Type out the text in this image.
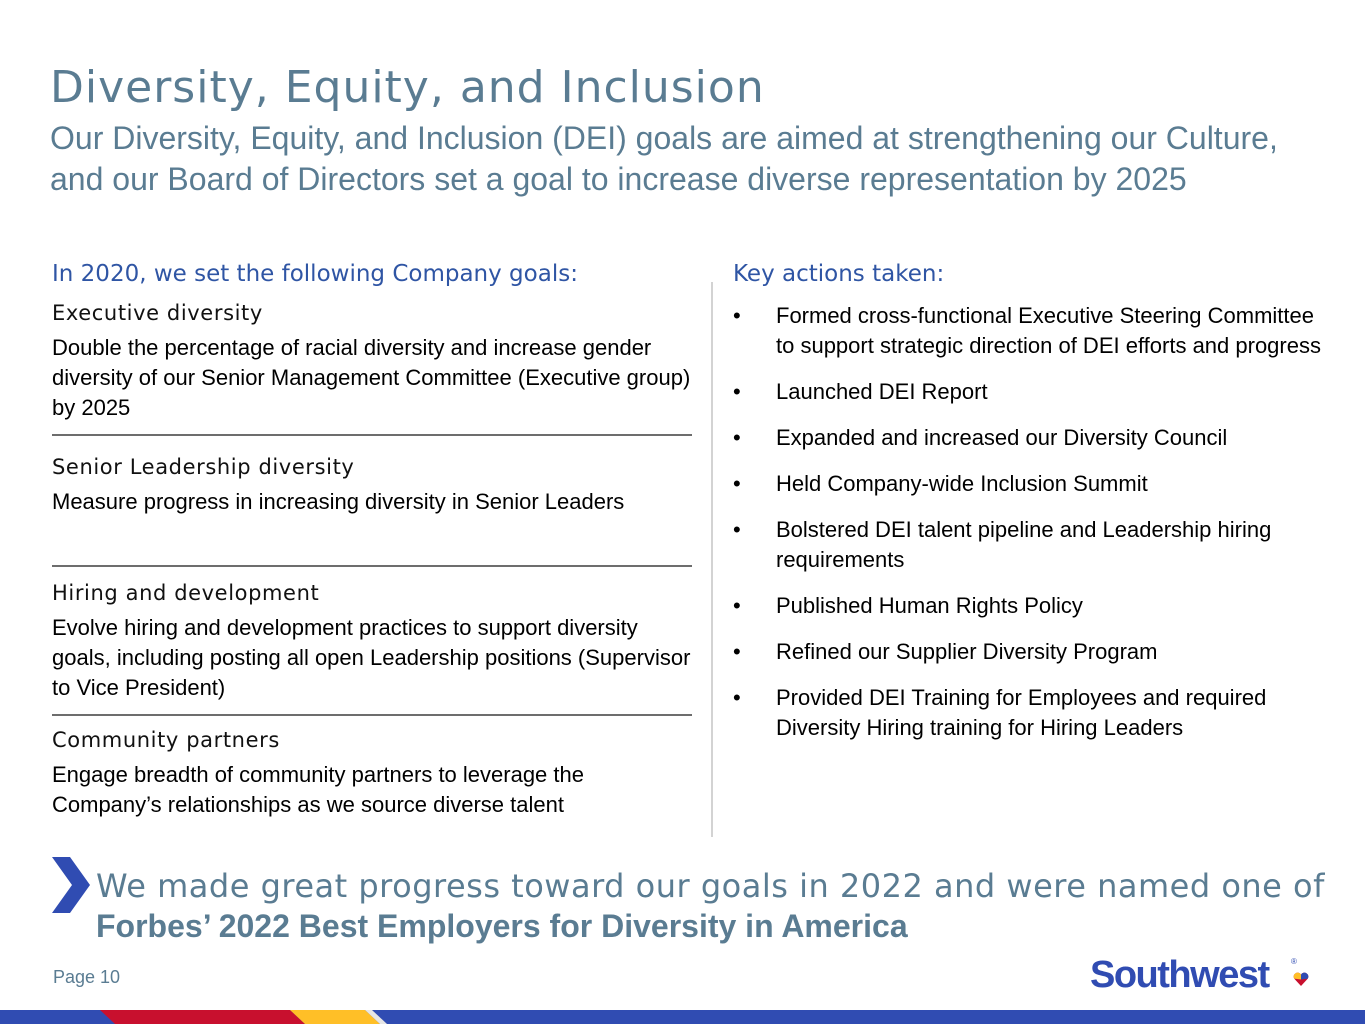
Diversity, Equity, and Inclusion

Our Diversity, Equity, and Inclusion (DEI) goals are aimed at strengthening our Culture, and our Board of Directors set a goal to increase diverse representation by 2025

In 2020, we set the following Company goals:

Executive diversity

Double the percentage of racial diversity and increase gender diversity of our Senior Management Committee (Executive group) by 2025

Senior Leadership diversity

Measure progress in increasing diversity in Senior Leaders

Hiring and development

Evolve hiring and development practices to support diversity goals, including posting all open Leadership positions (Supervisor to Vice President)

Community partners

Engage breadth of community partners to leverage the Company’s relationships as we source diverse talent

Key actions taken:
• Formed cross-functional Executive Steering Committee to support strategic direction of DEI efforts and progress
• Launched DEI Report
• Expanded and increased our Diversity Council
• Held Company-wide Inclusion Summit
• Bolstered DEI talent pipeline and Leadership hiring requirements
• Published Human Rights Policy
• Refined our Supplier Diversity Program
• Provided DEI Training for Employees and required Diversity Hiring training for Hiring Leaders

We made great progress toward our goals in 2022 and were named one of
Forbes’ 2022 Best Employers for Diversity in America

Page 10	Southwest	®
